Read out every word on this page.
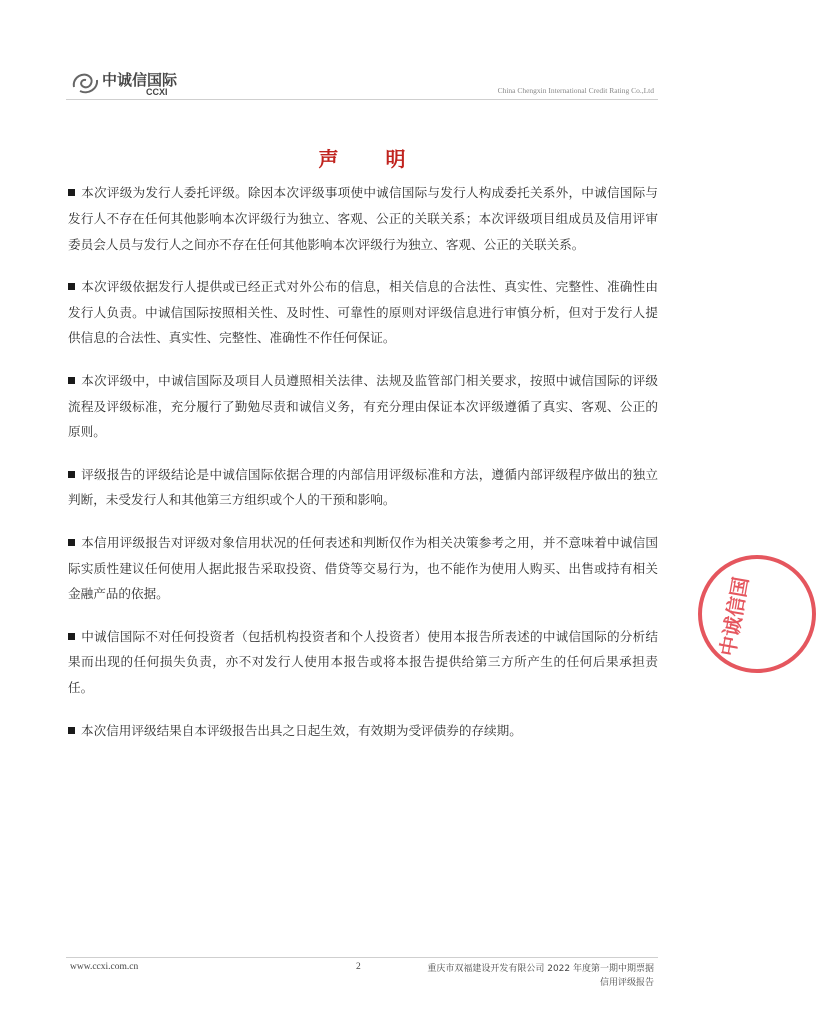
中诚信国际
CCXI	China Chengxin International Credit Rating Co.,Ltd
声 明

本次评级为发行人委托评级。除因本次评级事项使中诚信国际与发行人构成委托关系外，中诚信国际与发行人不存在任何其他影响本次评级行为独立、客观、公正的关联关系；本次评级项目组成员及信用评审委员会人员与发行人之间亦不存在任何其他影响本次评级行为独立、客观、公正的关联关系。

本次评级依据发行人提供或已经正式对外公布的信息，相关信息的合法性、真实性、完整性、准确性由发行人负责。中诚信国际按照相关性、及时性、可靠性的原则对评级信息进行审慎分析，但对于发行人提供信息的合法性、真实性、完整性、准确性不作任何保证。

本次评级中，中诚信国际及项目人员遵照相关法律、法规及监管部门相关要求，按照中诚信国际的评级流程及评级标准，充分履行了勤勉尽责和诚信义务，有充分理由保证本次评级遵循了真实、客观、公正的原则。

评级报告的评级结论是中诚信国际依据合理的内部信用评级标准和方法，遵循内部评级程序做出的独立判断，未受发行人和其他第三方组织或个人的干预和影响。

本信用评级报告对评级对象信用状况的任何表述和判断仅作为相关决策参考之用，并不意味着中诚信国际实质性建议任何使用人据此报告采取投资、借贷等交易行为，也不能作为使用人购买、出售或持有相关金融产品的依据。

中诚信国际不对任何投资者（包括机构投资者和个人投资者）使用本报告所表述的中诚信国际的分析结果而出现的任何损失负责，亦不对发行人使用本报告或将本报告提供给第三方所产生的任何后果承担责任。

本次信用评级结果自本评级报告出具之日起生效，有效期为受评债券的存续期。

中诚信国
www.ccxi.com.cn	2	重庆市双福建设开发有限公司 2022 年度第一期中期票据
信用评级报告
